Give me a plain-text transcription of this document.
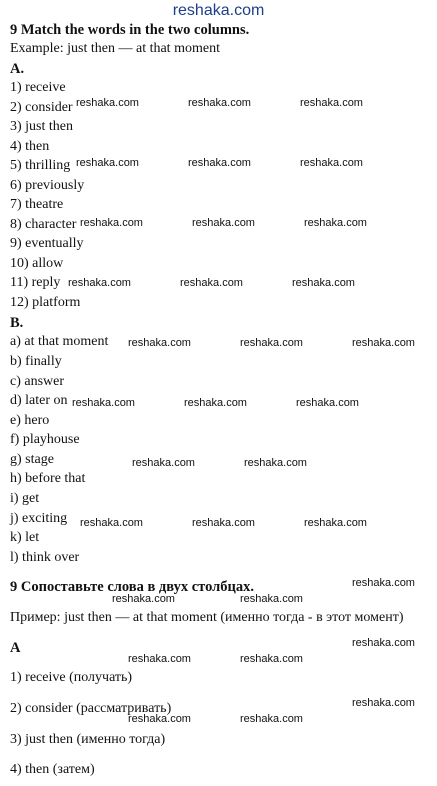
reshaka.com
9 Match the words in the two columns.
Example: just then — at that moment
A.
1) receive
2) consider
3) just then
4) then
5) thrilling
6) previously
7) theatre
8) character
9) eventually
10) allow
11) reply
12) platform
B.
a) at that moment
b) finally
c) answer
d) later on
e) hero
f) playhouse
g) stage
h) before that
i) get
j) exciting
k) let
l) think over
9 Сопоставьте слова в двух столбцах.
Пример: just then — at that moment (именно тогда - в этот момент)
A
1) receive (получать)
2) consider (рассматривать)
3) just then (именно тогда)
4) then (затем)
reshaka.com	reshaka.com	reshaka.com
reshaka.com	reshaka.com	reshaka.com
reshaka.com	reshaka.com	reshaka.com
reshaka.com	reshaka.com	reshaka.com
reshaka.com	reshaka.com	reshaka.com
reshaka.com	reshaka.com	reshaka.com
reshaka.com	reshaka.com
reshaka.com	reshaka.com	reshaka.com
reshaka.com
reshaka.com	reshaka.com
reshaka.com
reshaka.com	reshaka.com
reshaka.com
reshaka.com	reshaka.com
